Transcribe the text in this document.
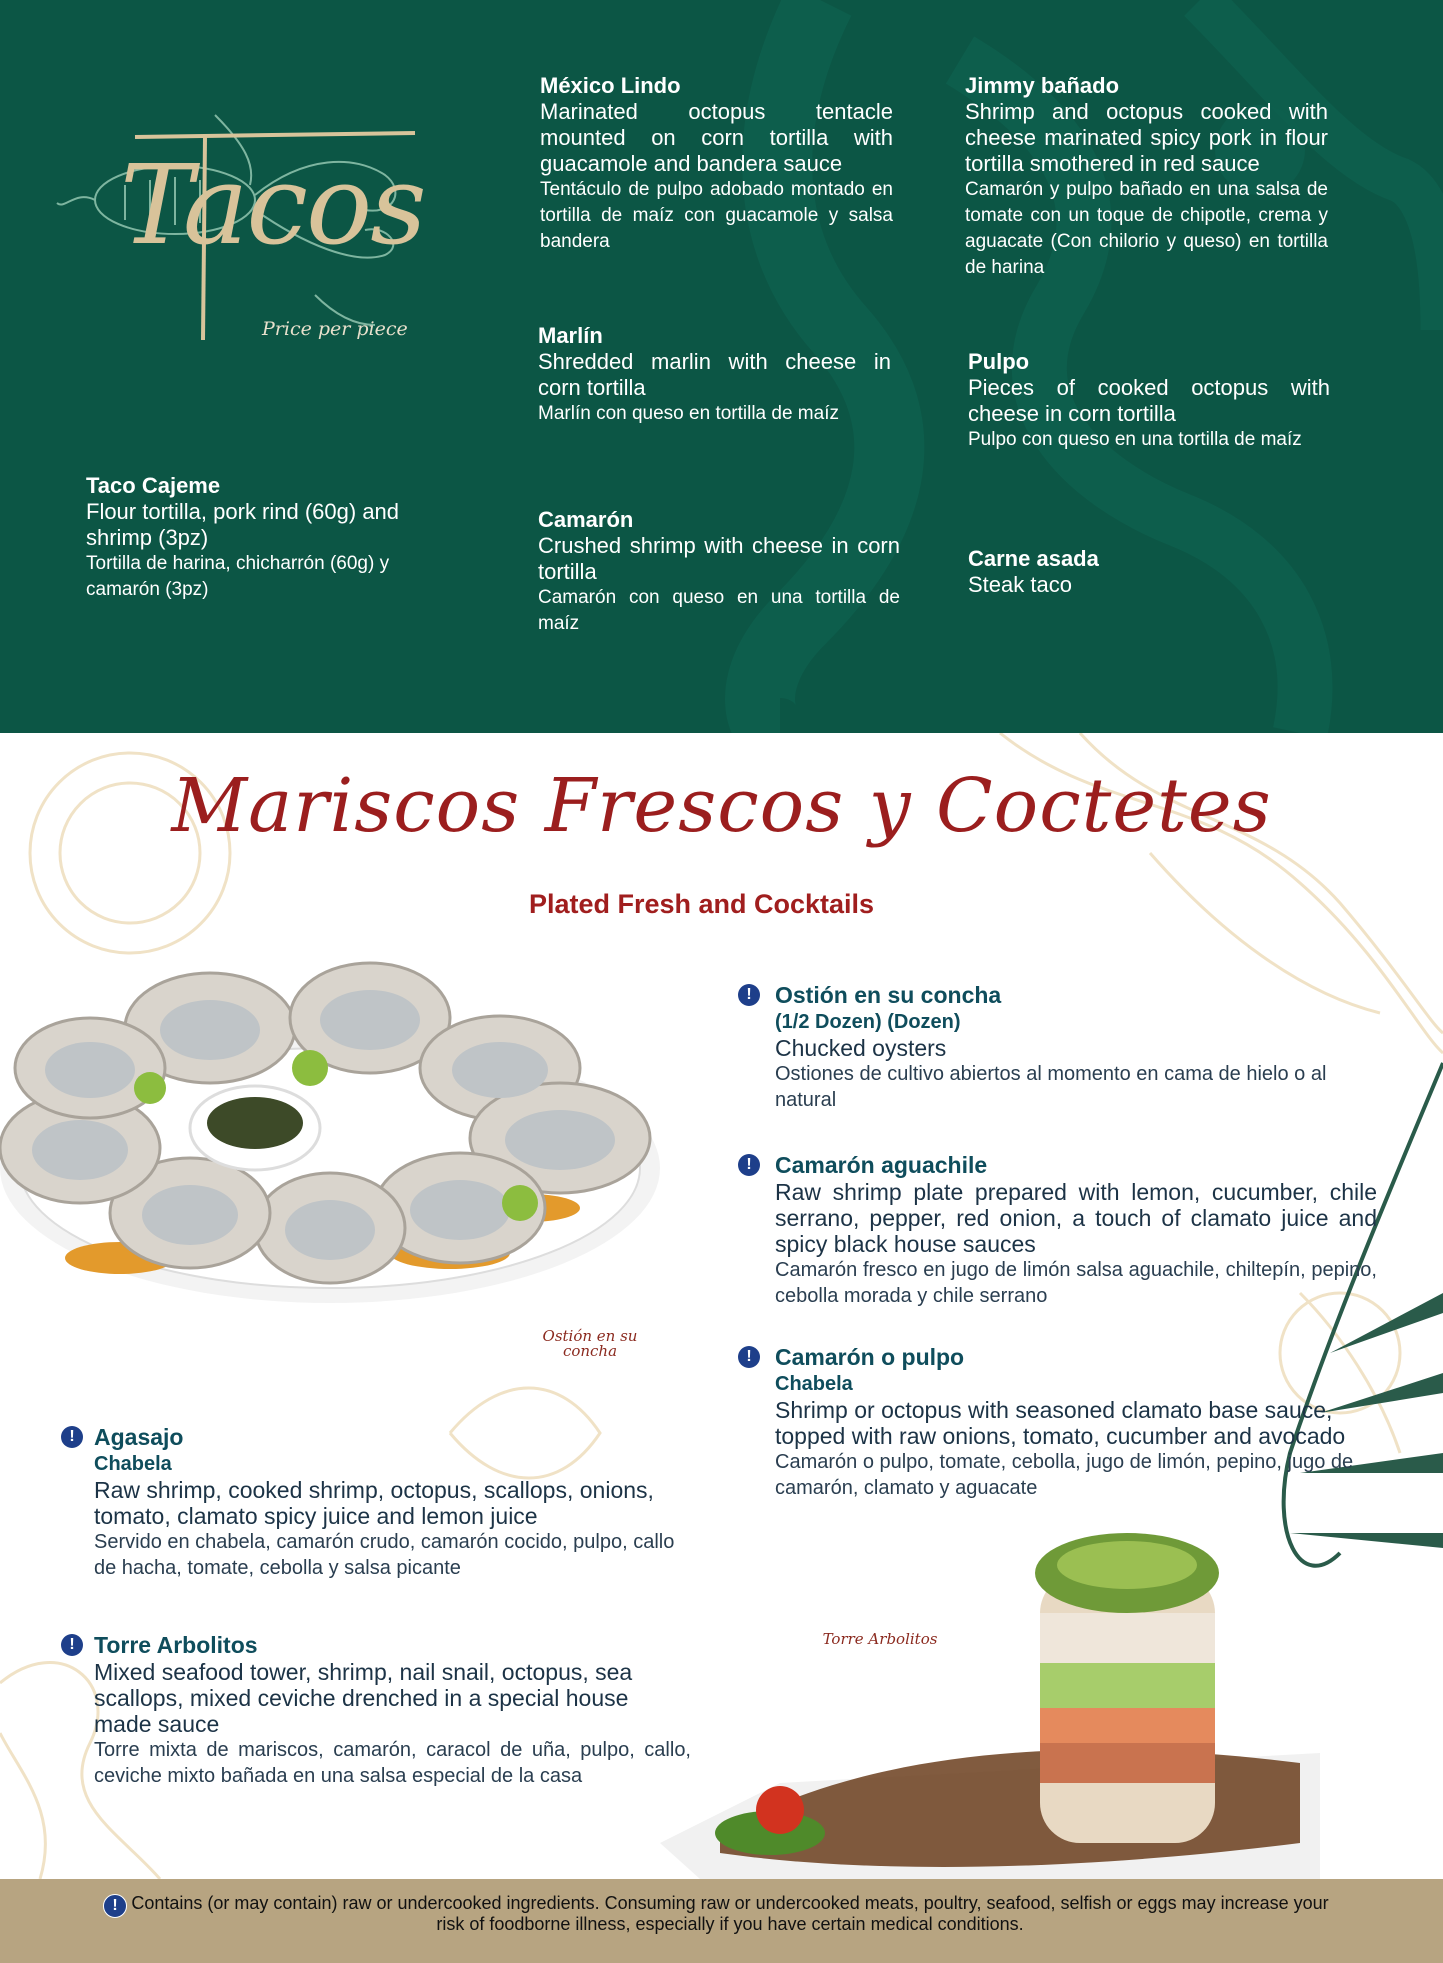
Tacos
Price per piece
México Lindo
Marinated octopus tentacle mounted on corn tortilla with guacamole and bandera sauce
Tentáculo de pulpo adobado montado en tortilla de maíz con guacamole y salsa bandera
Jimmy bañado
Shrimp and octopus cooked with cheese marinated spicy pork in flour tortilla smothered in red sauce
Camarón y pulpo bañado en una salsa de tomate con un toque de chipotle, crema y aguacate (Con chilorio y queso) en tortilla de harina
Marlín
Shredded marlin with cheese in corn tortilla
Marlín con queso en tortilla de maíz
Pulpo
Pieces of cooked octopus with cheese in corn tortilla
Pulpo con queso en una tortilla de maíz
Taco Cajeme
Flour tortilla, pork rind (60g) and shrimp (3pz)
Tortilla de harina, chicharrón (60g) y camarón (3pz)
Camarón
Crushed shrimp with cheese in corn tortilla
Camarón con queso en una tortilla de maíz
Carne asada
Steak taco
Mariscos Frescos y Coctetes
Plated Fresh and Cocktails
Ostión en su concha
Torre Arbolitos
!	Ostión en su concha
(1/2 Dozen) (Dozen)
Chucked oysters
Ostiones de cultivo abiertos al momento en cama de hielo o al natural
!	Camarón aguachile
Raw shrimp plate prepared with lemon, cucumber, chile serrano, pepper, red onion, a touch of clamato juice and spicy black house sauces
Camarón fresco en jugo de limón salsa aguachile, chiltepín, pepino, cebolla morada y chile serrano
!	Camarón o pulpo
Chabela
Shrimp or octopus with seasoned clamato base sauce, topped with raw onions, tomato, cucumber and avocado
Camarón o pulpo, tomate, cebolla, jugo de limón, pepino, jugo de camarón, clamato y aguacate
! Agasajo
Chabela
Raw shrimp, cooked shrimp, octopus, scallops, onions, tomato, clamato spicy juice and lemon juice
Servido en chabela, camarón crudo, camarón cocido, pulpo, callo de hacha, tomate, cebolla y salsa picante
! Torre Arbolitos
Mixed seafood tower, shrimp, nail snail, octopus, sea scallops, mixed ceviche drenched in a special house made sauce
Torre mixta de mariscos, camarón, caracol de uña, pulpo, callo, ceviche mixto bañada en una salsa especial de la casa
! Contains (or may contain) raw or undercooked ingredients. Consuming raw or undercooked meats, poultry, seafood, selfish or eggs may increase your risk of foodborne illness, especially if you have certain medical conditions.
